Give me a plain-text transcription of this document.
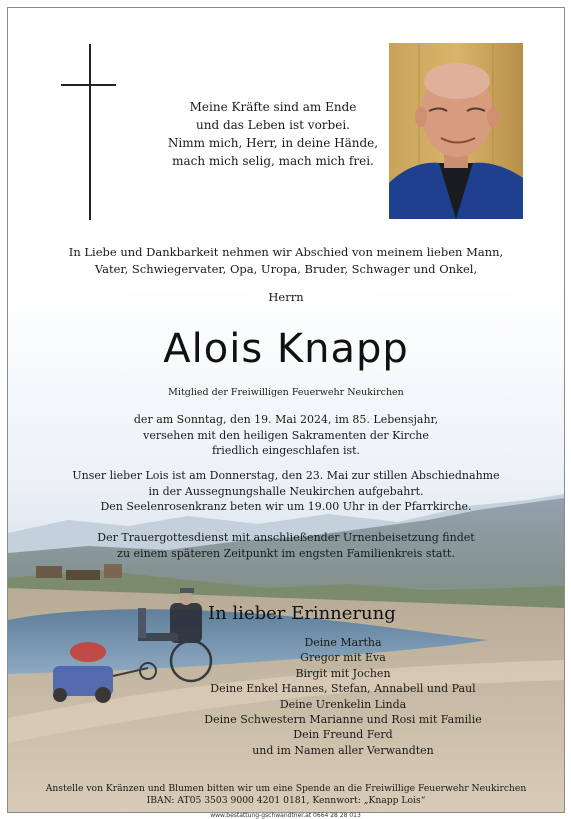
Meine Kräfte sind am Ende
und das Leben ist vorbei.
Nimm mich, Herr, in deine Hände,
mach mich selig, mach mich frei.
In Liebe und Dankbarkeit nehmen wir Abschied von meinem lieben Mann,
Vater, Schwiegervater, Opa, Uropa, Bruder, Schwager und Onkel,
Herrn
Alois Knapp
Mitglied der Freiwilligen Feuerwehr Neukirchen
der am Sonntag, den 19. Mai 2024, im 85. Lebensjahr,
versehen mit den heiligen Sakramenten der Kirche
friedlich eingeschlafen ist.
Unser lieber Lois ist am Donnerstag, den 23. Mai zur stillen Abschiednahme
in der Aussegnungshalle Neukirchen aufgebahrt.
Den Seelenrosenkranz beten wir um 19.00 Uhr in der Pfarrkirche.
Der Trauergottesdienst mit anschließender Urnenbeisetzung findet
zu einem späteren Zeitpunkt im engsten Familienkreis statt.
In lieber Erinnerung
Deine Martha
Gregor mit Eva
Birgit mit Jochen
Deine Enkel Hannes, Stefan, Annabell und Paul
Deine Urenkelin Linda
Deine Schwestern Marianne und Rosi mit Familie
Dein Freund Ferd
und im Namen aller Verwandten
Anstelle von Kränzen und Blumen bitten wir um eine Spende an die Freiwillige Feuerwehr Neukirchen
IBAN: AT05 3503 9000 4201 0181, Kennwort: „Knapp Lois“
www.bestattung-gschwandtner.at 0664 28 28 013
